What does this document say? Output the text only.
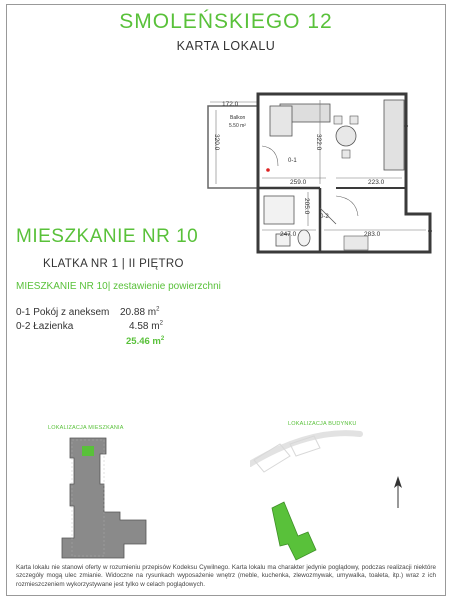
SMOLEŃSKIEGO 12
KARTA LOKALU
172.0
320.0
Balkon
5.50 m²
322.0
259.0	223.0
205.0
247.0	283.0
0-1
0-2
MIESZKANIE NR 10
KLATKA NR 1 | II PIĘTRO
MIESZKANIE NR 10| zestawienie powierzchni
0-1 Pokój z aneksem 20.88 $m^2$
0-2 Łazienka	4.58 $m^2$
25.46 $m^2$
LOKALIZACJA MIESZKANIA
LOKALIZACJA BUDYNKU
Karta lokalu nie stanowi oferty w rozumieniu przepisów Kodeksu Cywilnego. Karta lokalu ma charakter jedynie poglądowy, podczas realizacji niektóre szczegóły mogą ulec zmianie. Widoczne na rysunkach wyposażenie wnętrz (meble, kuchenka, zlewozmywak, umywalka, toaleta, itp.) wraz z ich rozmieszczeniem wykorzystywane jest tylko w celach poglądowych.
